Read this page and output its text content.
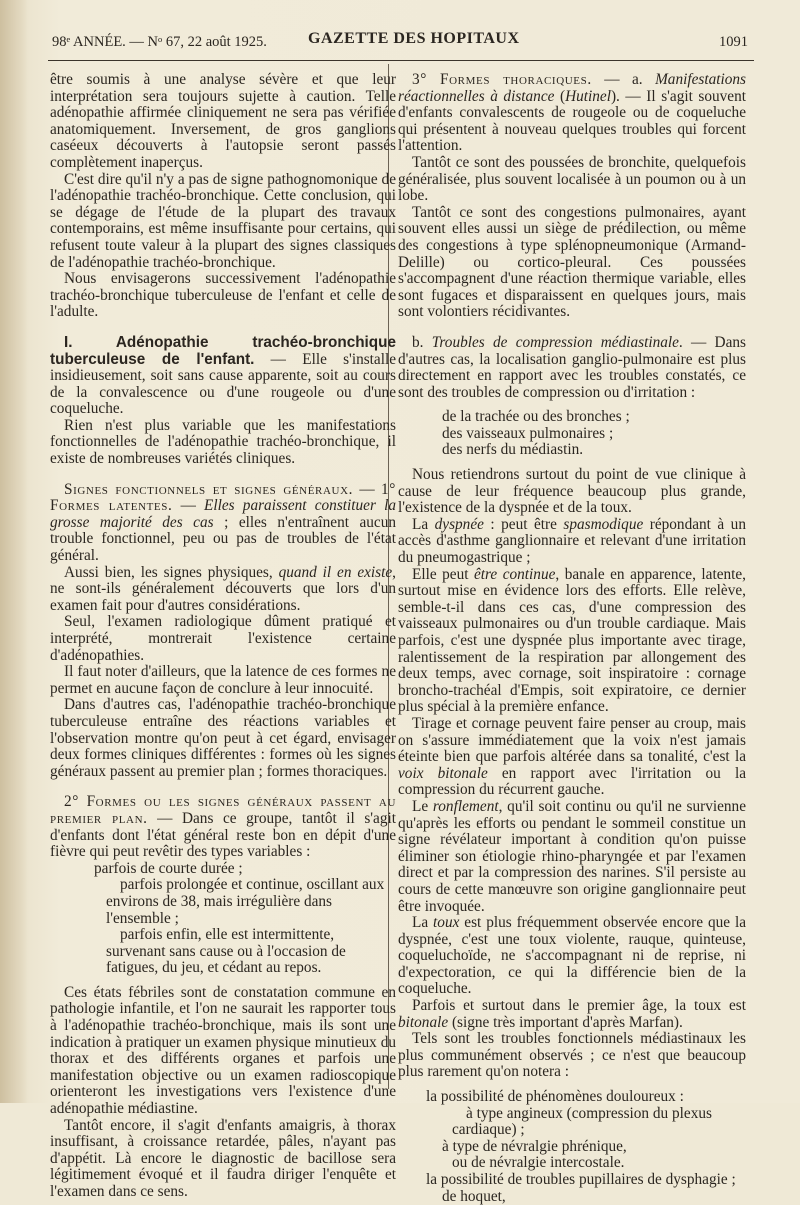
98ᵉ ANNÉE. — Nᵒ 67, 22 août 1925.	GAZETTE DES HOPITAUX	1091

être soumis à une analyse sévère et que leur interprétation sera toujours sujette à caution. Telle adénopathie affirmée cliniquement ne sera pas vérifiée anatomiquement. Inversement, de gros ganglions caséeux découverts à l'autopsie seront passés complètement inaperçus.

C'est dire qu'il n'y a pas de signe pathognomonique de l'adénopathie trachéo-bronchique. Cette conclusion, qui se dégage de l'étude de la plupart des travaux contemporains, est même insuffisante pour certains, qui refusent toute valeur à la plupart des signes classiques de l'adénopathie trachéo-bronchique.

Nous envisagerons successivement l'adénopathie trachéo-bronchique tuberculeuse de l'enfant et celle de l'adulte.

I. Adénopathie trachéo-bronchique tuberculeuse de l'enfant. — Elle s'installe insidieusement, soit sans cause apparente, soit au cours de la convalescence ou d'une rougeole ou d'une coqueluche.

Rien n'est plus variable que les manifestations fonctionnelles de l'adénopathie trachéo-bronchique, il existe de nombreuses variétés cliniques.

Signes fonctionnels et signes généraux. — 1° Formes latentes. — Elles paraissent constituer la grosse majorité des cas ; elles n'entraînent aucun trouble fonctionnel, peu ou pas de troubles de l'état général.

Aussi bien, les signes physiques, quand il en existe, ne sont-ils généralement découverts que lors d'un examen fait pour d'autres considérations.

Seul, l'examen radiologique dûment pratiqué et interprété, montrerait l'existence certaine d'adénopathies.

Il faut noter d'ailleurs, que la latence de ces formes ne permet en aucune façon de conclure à leur innocuité.

Dans d'autres cas, l'adénopathie trachéo-bronchique tuberculeuse entraîne des réactions variables et l'observation montre qu'on peut à cet égard, envisager deux formes cliniques différentes : formes où les signes généraux passent au premier plan ; formes thoraciques.

2° Formes ou les signes généraux passent au premier plan. — Dans ce groupe, tantôt il s'agit d'enfants dont l'état général reste bon en dépit d'une fièvre qui peut revêtir des types variables :

parfois de courte durée ;

parfois prolongée et continue, oscillant aux environs de 38, mais irrégulière dans l'ensemble ;

parfois enfin, elle est intermittente, survenant sans cause ou à l'occasion de fatigues, du jeu, et cédant au repos.

Ces états fébriles sont de constatation commune en pathologie infantile, et l'on ne saurait les rapporter tous à l'adénopathie trachéo-bronchique, mais ils sont une indication à pratiquer un examen physique minutieux du thorax et des différents organes et parfois une manifestation objective ou un examen radioscopique orienteront les investigations vers l'existence d'une adénopathie médiastine.

Tantôt encore, il s'agit d'enfants amaigris, à thorax insuffisant, à croissance retardée, pâles, n'ayant pas d'appétit. Là encore le diagnostic de bacillose sera légitimement évoqué et il faudra diriger l'enquête et l'examen dans ce sens.

3° Formes thoraciques. — a. Manifestations réactionnelles à distance (Hutinel). — Il s'agit souvent d'enfants convalescents de rougeole ou de coqueluche qui présentent à nouveau quelques troubles qui forcent l'attention.

Tantôt ce sont des poussées de bronchite, quelquefois généralisée, plus souvent localisée à un poumon ou à un lobe.

Tantôt ce sont des congestions pulmonaires, ayant souvent elles aussi un siège de prédilection, ou même des congestions à type splénopneumonique (Armand-Delille) ou cortico-pleural. Ces poussées s'accompagnent d'une réaction thermique variable, elles sont fugaces et disparaissent en quelques jours, mais sont volontiers récidivantes.

b. Troubles de compression médiastinale. — Dans d'autres cas, la localisation ganglio-pulmonaire est plus directement en rapport avec les troubles constatés, ce sont des troubles de compression ou d'irritation :

de la trachée ou des bronches ;

des vaisseaux pulmonaires ;

des nerfs du médiastin.

Nous retiendrons surtout du point de vue clinique à cause de leur fréquence beaucoup plus grande, l'existence de la dyspnée et de la toux.

La dyspnée : peut être spasmodique répondant à un accès d'asthme ganglionnaire et relevant d'une irritation du pneumogastrique ;

Elle peut être continue, banale en apparence, latente, surtout mise en évidence lors des efforts. Elle relève, semble-t-il dans ces cas, d'une compression des vaisseaux pulmonaires ou d'un trouble cardiaque. Mais parfois, c'est une dyspnée plus importante avec tirage, ralentissement de la respiration par allongement des deux temps, avec cornage, soit inspiratoire : cornage broncho-trachéal d'Empis, soit expiratoire, ce dernier plus spécial à la première enfance.

Tirage et cornage peuvent faire penser au croup, mais on s'assure immédiatement que la voix n'est jamais éteinte bien que parfois altérée dans sa tonalité, c'est la voix bitonale en rapport avec l'irritation ou la compression du récurrent gauche.

Le ronflement, qu'il soit continu ou qu'il ne survienne qu'après les efforts ou pendant le sommeil constitue un signe révélateur important à condition qu'on puisse éliminer son étiologie rhino-pharyngée et par l'examen direct et par la compression des narines. S'il persiste au cours de cette manœuvre son origine ganglionnaire peut être invoquée.

La toux est plus fréquemment observée encore que la dyspnée, c'est une toux violente, rauque, quinteuse, coqueluchoïde, ne s'accompagnant ni de reprise, ni d'expectoration, ce qui la différencie bien de la coqueluche.

Parfois et surtout dans le premier âge, la toux est bitonale (signe très important d'après Marfan).

Tels sont les troubles fonctionnels médiastinaux les plus communément observés ; ce n'est que beaucoup plus rarement qu'on notera :

la possibilité de phénomènes douloureux :

à type angineux (compression du plexus cardiaque) ;

à type de névralgie phrénique,

ou de névralgie intercostale.

la possibilité de troubles pupillaires de dysphagie ;

de hoquet,
